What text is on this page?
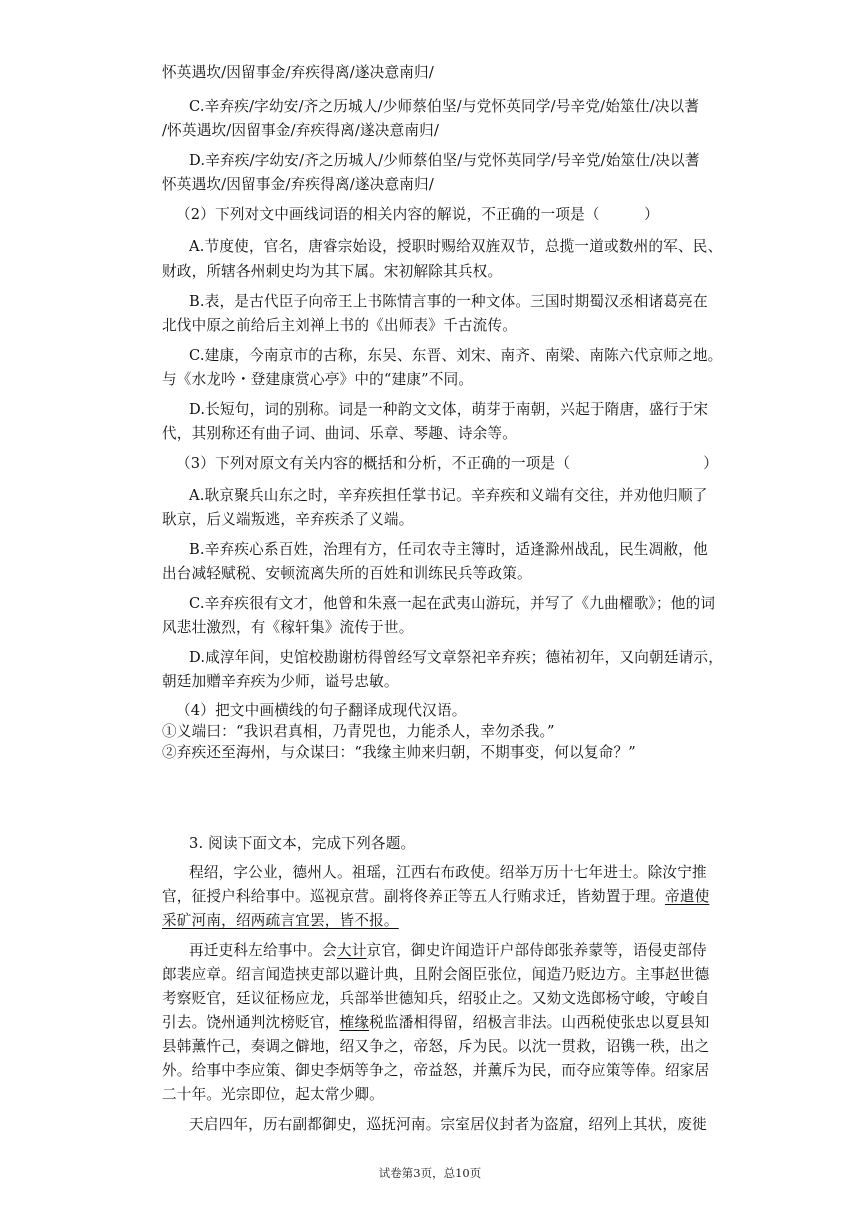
怀英遇坎/因留事金/弃疾得离/遂决意南归/
C.辛弃疾/字幼安/齐之历城人/少师蔡伯坚/与党怀英同学/号辛党/始筮仕/决以蓍
/怀英遇坎/因留事金/弃疾得离/遂决意南归/
D.辛弃疾/字幼安/齐之历城人/少师蔡伯坚/与党怀英同学/号辛党/始筮仕/决以蓍
怀英遇坎/因留事金/弃疾得离/遂决意南归/
（2）下列对文中画线词语的相关内容的解说，不正确的一项是（　　　）
A.节度使，官名，唐睿宗始设，授职时赐给双旌双节，总揽一道或数州的军、民、
财政，所辖各州刺史均为其下属。宋初解除其兵权。
B.表，是古代臣子向帝王上书陈情言事的一种文体。三国时期蜀汉丞相诸葛亮在
北伐中原之前给后主刘禅上书的《出师表》千古流传。
C.建康，今南京市的古称，东吴、东晋、刘宋、南齐、南梁、南陈六代京师之地。
与《水龙吟・登建康赏心亭》中的“建康”不同。
D.长短句，词的别称。词是一种韵文文体，萌芽于南朝，兴起于隋唐，盛行于宋
代，其别称还有曲子词、曲词、乐章、琴趣、诗余等。
（3）下列对原文有关内容的概括和分析，不正确的一项是（　　　　　　　　　）
A.耿京聚兵山东之时，辛弃疾担任掌书记。辛弃疾和义端有交往，并劝他归顺了
耿京，后义端叛逃，辛弃疾杀了义端。
B.辛弃疾心系百姓，治理有方，任司农寺主簿时，适逢滁州战乱，民生凋敝，他
出台减轻赋税、安顿流离失所的百姓和训练民兵等政策。
C.辛弃疾很有文才，他曾和朱熹一起在武夷山游玩，并写了《九曲櫂歌》；他的词
风悲壮激烈，有《稼轩集》流传于世。
D.咸淳年间，史馆校勘谢枋得曾经写文章祭祀辛弃疾；德祐初年，又向朝廷请示，
朝廷加赠辛弃疾为少师，谥号忠敏。
（4）把文中画横线的句子翻译成现代汉语。
①义端曰：“我识君真相，乃青兕也，力能杀人，幸勿杀我。”
②弃疾还至海州，与众谋曰：“我缘主帅来归朝，不期事变，何以复命？”
3. 阅读下面文本，完成下列各题。
程绍，字公业，德州人。祖瑶，江西右布政使。绍举万历十七年进士。除汝宁推
官，征授户科给事中。巡视京营。副将佟养正等五人行贿求迁，皆劾置于理。帝遣使
采矿河南，绍两疏言宜罢，皆不报。
再迁吏科左给事中。会大计京官，御史许闻造讦户部侍郎张养蒙等，语侵吏部侍
郎裴应章。绍言闻造挟吏部以避计典，且附会阁臣张位，闻造乃贬边方。主事赵世德
考察贬官，廷议征杨应龙，兵部举世德知兵，绍驳止之。又劾文选郎杨守峻，守峻自
引去。饶州通判沈榜贬官，榷缘税监潘相得留，绍极言非法。山西税使张忠以夏县知
县韩薰忤己，奏调之僻地，绍又争之，帝怒，斥为民。以沈一贯救，诏镌一秩，出之
外。给事中李应策、御史李炳等争之，帝益怒，并薰斥为民，而夺应策等俸。绍家居
二十年。光宗即位，起太常少卿。
天启四年，历右副都御史，巡抚河南。宗室居仪封者为盗窟，绍列上其状，废徙
试卷第3页，总10页
